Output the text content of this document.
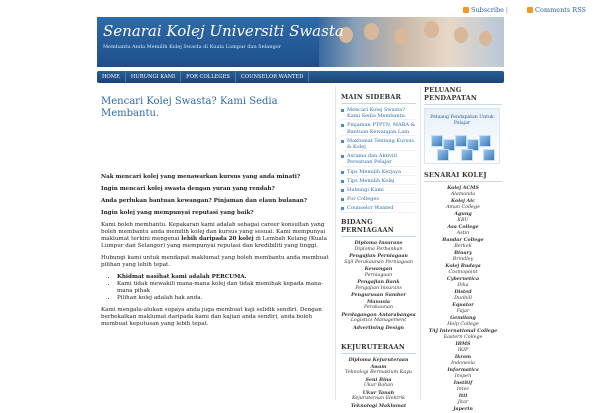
Subscribe |	Comments RSS
Senarai Kolej Universiti Swasta
Membantu Anda Memilih Kolej Swasta di Kuala Lumpur dan Selangor
HOME	HUBUNGI KAMI	FOR COLLEGES	COUNSELOR WANTED
Mencari Kolej Swasta? Kami Sedia Membantu.

Nak mencari kolej yang menawarkan kursus yang anda minati?

Ingin mencari kolej swasta dengan yuran yang rendah?

Anda perlukan bantuan kewangan? Pinjaman dan elaun bulanan?

Ingin kolej yang mempunyai reputasi yang baik?

Kami boleh membantu. Kepakaran kami adalah sebagai career konsultan yang boleh membantu anda memilih kolej dan kursus yang sesuai. Kami mempunyai maklumat terkini mengenai lebih daripada 20 kolej di Lembah Kelang (Kuala Lumpur dan Selangor) yang mempunyai reputasi dan kredibiliti yang tinggi.

Hubungi kami untuk mendapat maklumat yang boleh membantu anda membuat pilihan yang lebih tepat.

• Khidmat nasihat kami adalah PERCUMA.
• Kami tidak mewakili mana-mana kolej dan tidak memihak kepada mana-mana pihak
• Pilihan kolej adalah hak anda.

Kami mengalu-alukan supaya anda juga membuat kaji selidik sendiri. Dengan berbekalkan maklumat daripada kami dan kajian anda sendiri, anda boleh membuat keputusan yang lebih tepat.

MAIN SIDEBAR
Mencari Kolej Swasta? Kami Sedia Membantu.
Pinjaman PTPTN, MARA & Bantuan Kewangan Lain
Maklumat Tentang Kursus & Kolej
Asrama dan Aktiviti Persatuan Pelajar
Tips Memilih Kerjaya
Tips Memilih Kolej
Hubungi Kami
For Colleges
Counselor Wanted
BIDANG PERNIAGAAN
Diploma Insurans
Diploma Perbankan
Pengajian Perniagaan
Sijil Perakaunan Perniagaan
Kewangan
Perniagaan
Pengajian Bank
Pengajian Insurans
Pengurusan Sumber Manusia
Perakaunan
Perdagangan Antarabangsa
Logistics Management
Advertising Design
KEJURUTERAAN
Diploma Kejuruteraan Awam
Teknologi Bermaklum Kayu
Seni Bina
Ukur Bahan
Ukur Tanah
Kejuruteraan Elektrik
Teknologi Maklumat
PELUANG PENDAPATAN
Peluang Pendapatan Untuk Pelajar
SENARAI KOLEJ
Kolej ACMS
Alamanda
Kolej Aic
Aman College
Agung
KBU
Asa College
Astin
Bandar College
Berkeli
Binary
Brindley
Kolej Budaya
Cosmopoint
Cybernetica
Dika
Disted
Dunhill
Equator
Fajar
Gemilang
Help College
TAJ International College
Eastern College
IBMS
IKIP
Ikram
Indonesia
Informatics
Inspen
Institif
Intec
Ittl
Jitar
Japerin
